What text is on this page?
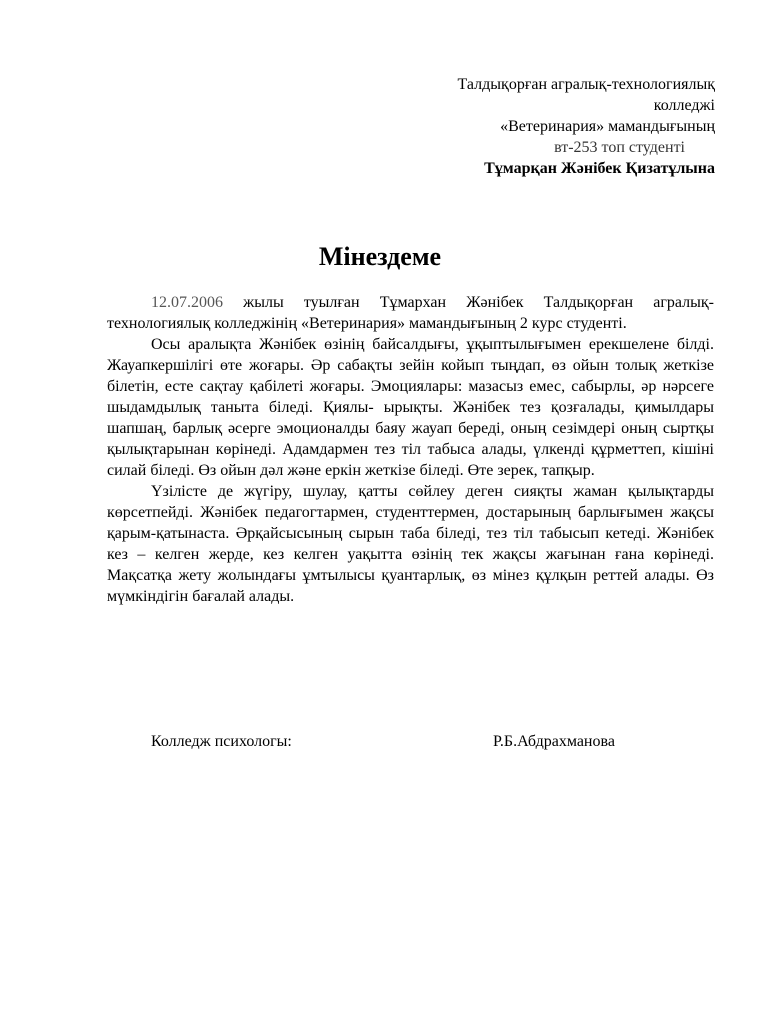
Талдықорған агралық-технологиялық
колледжі
«Ветеринария» мамандығының
вт-253 топ студенті
Тұмарқан Жәнібек Қизатұлына
Мінездеме

12.07.2006 жылы туылған Тұмархан Жәнібек Талдықорған агралық-технологиялық колледжінің «Ветеринария» мамандығының 2 курс студенті.

Осы аралықта Жәнібек өзінің байсалдығы, ұқыптылығымен ерекшелене білді. Жауапкершілігі өте жоғары. Әр сабақты зейін койып тыңдап, өз ойын толық жеткізе білетін, есте сақтау қабілеті жоғары. Эмоциялары: мазасыз емес, сабырлы, әр нәрсеге шыдамдылық таныта біледі. Қиялы- ырықты. Жәнібек тез қозғалады, қимылдары шапшаң, барлық әсерге эмоционалды баяу жауап береді, оның сезімдері оның сыртқы қылықтарынан көрінеді. Адамдармен тез тіл табыса алады, үлкенді құрметтеп, кішіні силай біледі. Өз ойын дәл және еркін жеткізе біледі. Өте зерек, тапқыр.

Үзілісте де жүгіру, шулау, қатты сөйлеу деген сияқты жаман қылықтарды көрсетпейді. Жәнібек педагогтармен, студенттермен, достарының барлығымен жақсы қарым-қатынаста. Әрқайсысының сырын таба біледі, тез тіл табысып кетеді. Жәнібек кез – келген жерде, кез келген уақытта өзінің тек жақсы жағынан ғана көрінеді. Мақсатқа жету жолындағы ұмтылысы қуантарлық, өз мінез құлқын реттей алады. Өз мүмкіндігін бағалай алады.

Колледж психологы:	Р.Б.Абдрахманова
